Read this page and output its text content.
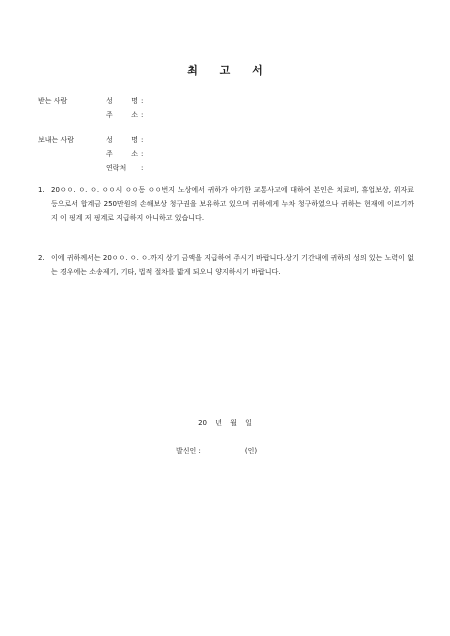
최 고 서
받는 사람	성 명 :
주 소 :
보내는 사람	성 명 :
주 소 :
연락처 :
1. 20ㅇㅇ. ㅇ. ㅇ. ㅇㅇ시 ㅇㅇ동 ㅇㅇ번지 노상에서 귀하가 야기한 교통사고에 대하여 본인은 치료비, 휴업보상, 위자료 등으로서 합계금 250만원의 손해보상 청구권을 보유하고 있으며 귀하에게 누차 청구하였으나 귀하는 현재에 이르기까지 이 핑계 저 핑계로 지급하지 아니하고 있습니다.
2. 이에 귀하께서는 20ㅇㅇ. ㅇ. ㅇ.까지 상기 금액을 지급하여 주시기 바랍니다.상기 기간내에 귀하의 성의 있는 노력이 없는 경우에는 소송제기, 기타, 법적 절차를 밟게 되오니 양지하시기 바랍니다.
20 년 월 일
발신인 :	(인)
